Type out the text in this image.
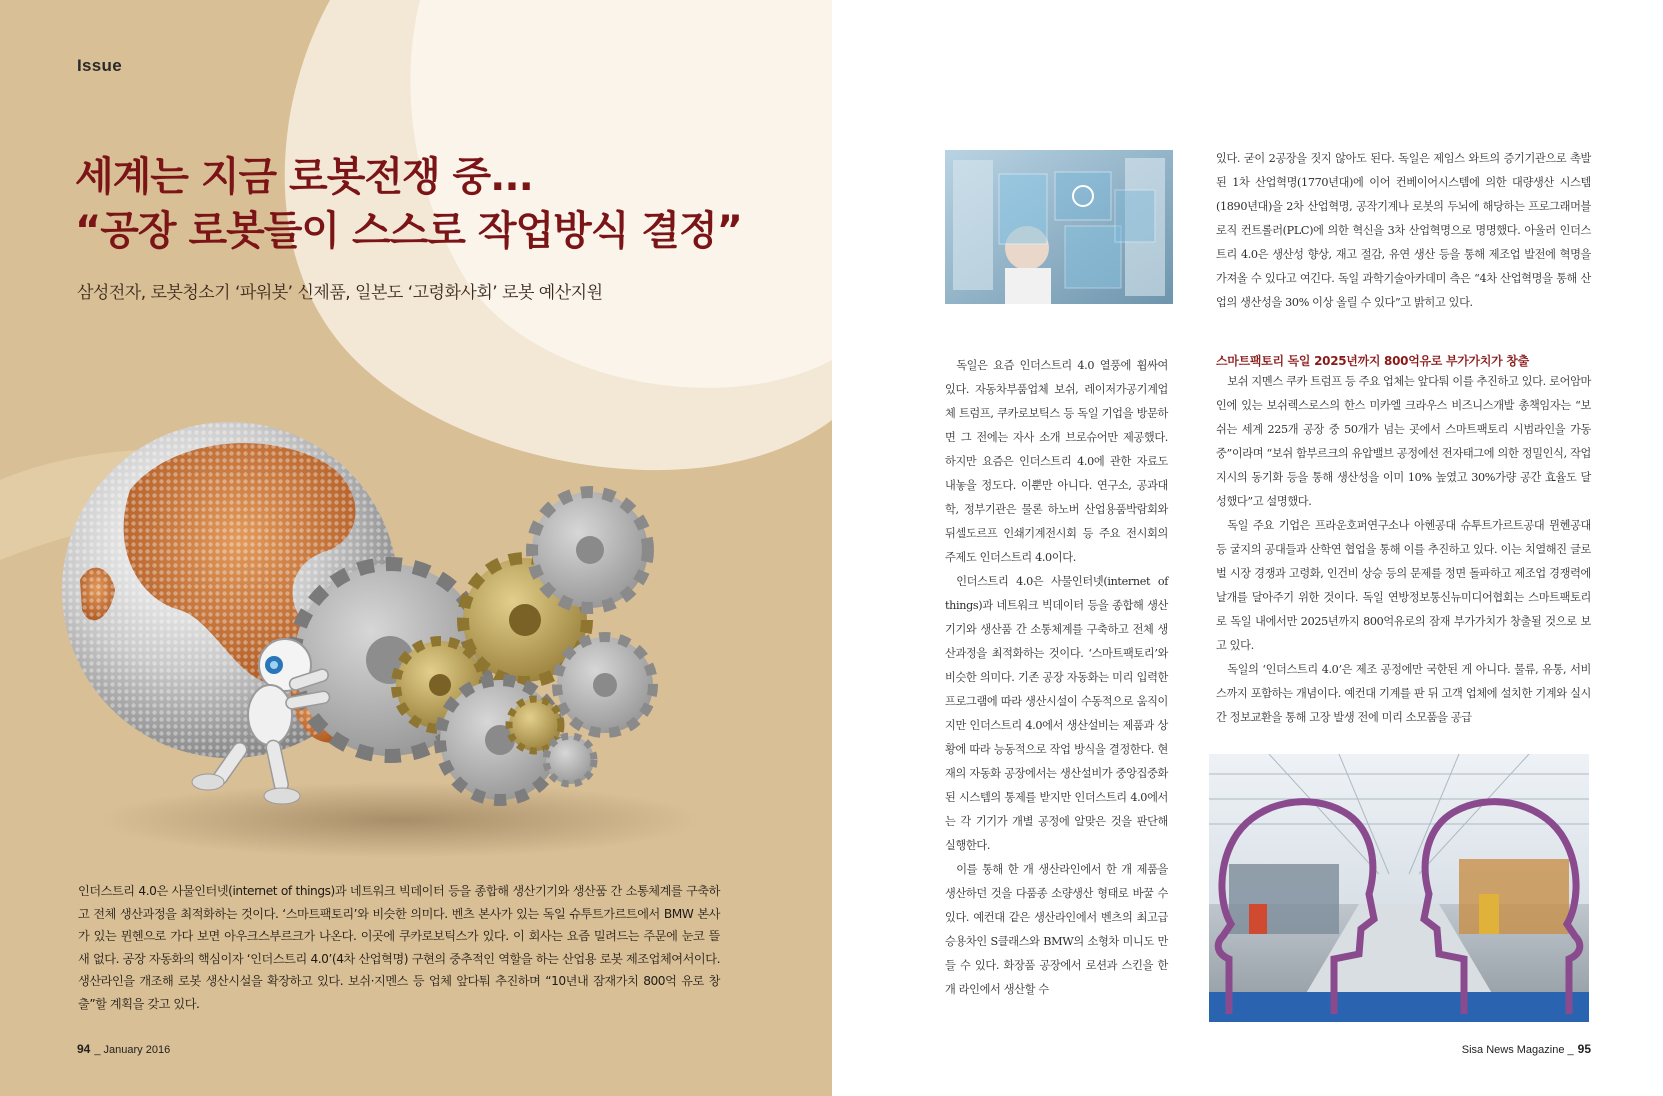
Issue
세계는 지금 로봇전쟁 중...
“공장 로봇들이 스스로 작업방식 결정”
삼성전자, 로봇청소기 ‘파워봇’ 신제품, 일본도 ‘고령화사회’ 로봇 예산지원
인더스트리 4.0은 사물인터넷(internet of things)과 네트워크 빅데이터 등을 종합해 생산기기와 생산품 간 소통체계를 구축하고 전체 생산과정을 최적화하는 것이다. ‘스마트팩토리’와 비슷한 의미다. 벤츠 본사가 있는 독일 슈투트가르트에서 BMW 본사가 있는 뮌헨으로 가다 보면 아우크스부르크가 나온다. 이곳에 쿠카로보틱스가 있다. 이 회사는 요즘 밀려드는 주문에 눈코 뜰 새 없다. 공장 자동화의 핵심이자 ‘인더스트리 4.0’(4차 산업혁명) 구현의 중추적인 역할을 하는 산업용 로봇 제조업체여서이다. 생산라인을 개조해 로봇 생산시설을 확장하고 있다. 보쉬·지멘스 등 업체 앞다퉈 추진하며 “10년내 잠재가치 800억 유로 창출”할 계획을 갖고 있다.
94 _ January 2016

독일은 요즘 인더스트리 4.0 열풍에 휩싸여 있다. 자동차부품업체 보쉬, 레이저가공기계업체 트럼프, 쿠카로보틱스 등 독일 기업을 방문하면 그 전에는 자사 소개 브로슈어만 제공했다. 하지만 요즘은 인더스트리 4.0에 관한 자료도 내놓을 정도다. 이뿐만 아니다. 연구소, 공과대학, 정부기관은 물론 하노버 산업용품박람회와 뒤셀도르프 인쇄기계전시회 등 주요 전시회의 주제도 인더스트리 4.0이다.

인더스트리 4.0은 사물인터넷(internet of things)과 네트워크 빅데이터 등을 종합해 생산기기와 생산품 간 소통체계를 구축하고 전체 생산과정을 최적화하는 것이다. ‘스마트팩토리’와 비슷한 의미다. 기존 공장 자동화는 미리 입력한 프로그램에 따라 생산시설이 수동적으로 움직이지만 인더스트리 4.0에서 생산설비는 제품과 상황에 따라 능동적으로 작업 방식을 결정한다. 현재의 자동화 공장에서는 생산설비가 중앙집중화된 시스템의 통제를 받지만 인더스트리 4.0에서는 각 기기가 개별 공정에 알맞은 것을 판단해 실행한다.

이를 통해 한 개 생산라인에서 한 개 제품을 생산하던 것을 다품종 소량생산 형태로 바꿀 수 있다. 예컨대 같은 생산라인에서 벤츠의 최고급 승용차인 S클래스와 BMW의 소형차 미니도 만들 수 있다. 화장품 공장에서 로션과 스킨을 한 개 라인에서 생산할 수

있다. 굳이 2공장을 짓지 않아도 된다. 독일은 제임스 와트의 증기기관으로 촉발된 1차 산업혁명(1770년대)에 이어 컨베이어시스템에 의한 대량생산 시스템(1890년대)을 2차 산업혁명, 공작기계나 로봇의 두뇌에 해당하는 프로그래머블 로직 컨트롤러(PLC)에 의한 혁신을 3차 산업혁명으로 명명했다. 아울러 인더스트리 4.0은 생산성 향상, 재고 절감, 유연 생산 등을 통해 제조업 발전에 혁명을 가져올 수 있다고 여긴다. 독일 과학기술아카데미 측은 “4차 산업혁명을 통해 산업의 생산성을 30% 이상 올릴 수 있다”고 밝히고 있다.

스마트팩토리 독일 2025년까지 800억유로 부가가치가 창출

보쉬 지멘스 쿠카 트럼프 등 주요 업체는 앞다퉈 이를 추진하고 있다. 로어암마인에 있는 보쉬렉스로스의 한스 미카엘 크라우스 비즈니스개발 총책임자는 “보쉬는 세계 225개 공장 중 50개가 넘는 곳에서 스마트팩토리 시범라인을 가동 중”이라며 “보쉬 함부르크의 유압밸브 공정에선 전자태그에 의한 정밀인식, 작업 지시의 동기화 등을 통해 생산성을 이미 10% 높였고 30%가량 공간 효율도 달성했다”고 설명했다.

독일 주요 기업은 프라운호퍼연구소나 아헨공대 슈투트가르트공대 뮌헨공대 등 굴지의 공대들과 산학연 협업을 통해 이를 추진하고 있다. 이는 치열해진 글로벌 시장 경쟁과 고령화, 인건비 상승 등의 문제를 정면 돌파하고 제조업 경쟁력에 날개를 달아주기 위한 것이다. 독일 연방정보통신뉴미디어협회는 스마트팩토리로 독일 내에서만 2025년까지 800억유로의 잠재 부가가치가 창출될 것으로 보고 있다.

독일의 ‘인더스트리 4.0’은 제조 공정에만 국한된 게 아니다. 물류, 유통, 서비스까지 포함하는 개념이다. 예컨대 기계를 판 뒤 고객 업체에 설치한 기계와 실시간 정보교환을 통해 고장 발생 전에 미리 소모품을 공급

Sisa News Magazine _ 95
